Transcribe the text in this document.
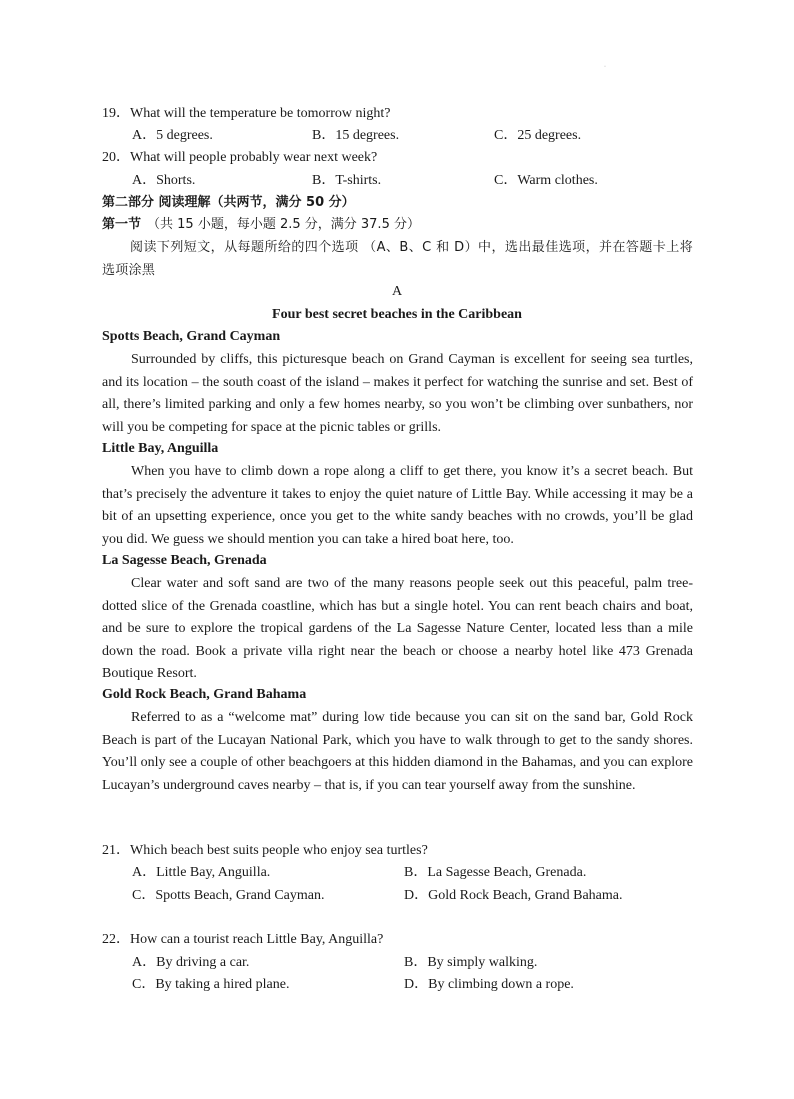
·
19．What will the temperature be tomorrow night?
A．5 degrees.	B．15 degrees.	C．25 degrees.
20．What will people probably wear next week?
A．Shorts.	B．T-shirts.	C．Warm clothes.
第二部分 阅读理解（共两节，满分 50 分）
第一节 （共 15 小题，每小题 2.5 分，满分 37.5 分）

阅读下列短文，从每题所给的四个选项 （A、B、C 和 D）中，选出最佳选项，并在答题卡上将选项涂黑

A
Four best secret beaches in the Caribbean
Spotts Beach, Grand Cayman

Surrounded by cliffs, this picturesque beach on Grand Cayman is excellent for seeing sea turtles, and its location – the south coast of the island – makes it perfect for watching the sunrise and set. Best of all, there’s limited parking and only a few homes nearby, so you won’t be climbing over sunbathers, nor will you be competing for space at the picnic tables or grills.

Little Bay, Anguilla

When you have to climb down a rope along a cliff to get there, you know it’s a secret beach. But that’s precisely the adventure it takes to enjoy the quiet nature of Little Bay. While accessing it may be a bit of an upsetting experience, once you get to the white sandy beaches with no crowds, you’ll be glad you did. We guess we should mention you can take a hired boat here, too.

La Sagesse Beach, Grenada

Clear water and soft sand are two of the many reasons people seek out this peaceful, palm tree-dotted slice of the Grenada coastline, which has but a single hotel. You can rent beach chairs and boat, and be sure to explore the tropical gardens of the La Sagesse Nature Center, located less than a mile down the road. Book a private villa right near the beach or choose a nearby hotel like 473 Grenada Boutique Resort.

Gold Rock Beach, Grand Bahama

Referred to as a “welcome mat” during low tide because you can sit on the sand bar, Gold Rock Beach is part of the Lucayan National Park, which you have to walk through to get to the sandy shores. You’ll only see a couple of other beachgoers at this hidden diamond in the Bahamas, and you can explore Lucayan’s underground caves nearby – that is, if you can tear yourself away from the sunshine.

21．Which beach best suits people who enjoy sea turtles?
A．Little Bay, Anguilla.	B．La Sagesse Beach, Grenada.
C．Spotts Beach, Grand Cayman.	D．Gold Rock Beach, Grand Bahama.
22．How can a tourist reach Little Bay, Anguilla?
A．By driving a car.	B．By simply walking.
C．By taking a hired plane.	D．By climbing down a rope.
